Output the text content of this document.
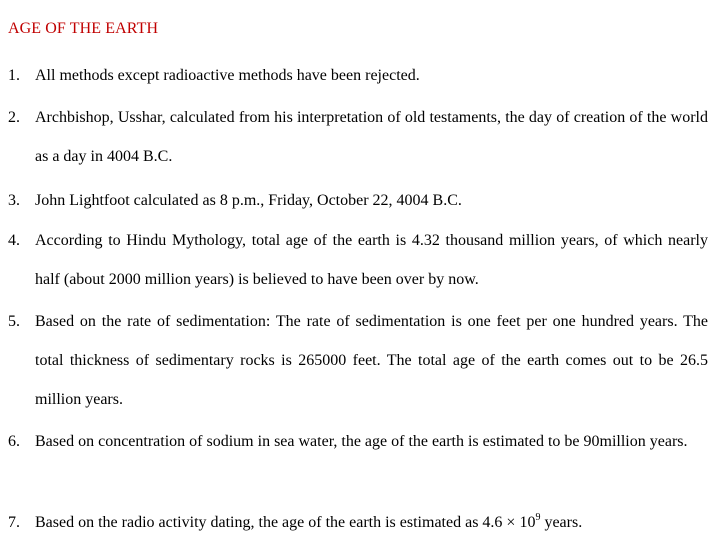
AGE OF THE EARTH
1. All methods except radioactive methods have been rejected.
2. Archbishop, Usshar, calculated from his interpretation of old testaments, the day of creation of the world as a day in 4004 B.C.
3. John Lightfoot calculated as 8 p.m., Friday, October 22, 4004 B.C.
4. According to Hindu Mythology, total age of the earth is 4.32 thousand million years, of which nearly half (about 2000 million years) is believed to have been over by now.
5. Based on the rate of sedimentation: The rate of sedimentation is one feet per one hundred years. The total thickness of sedimentary rocks is 265000 feet. The total age of the earth comes out to be 26.5 million years.
6. Based on concentration of sodium in sea water, the age of the earth is estimated to be 90million years.
7. Based on the radio activity dating, the age of the earth is estimated as $4.6 \times 10^9$ years.
